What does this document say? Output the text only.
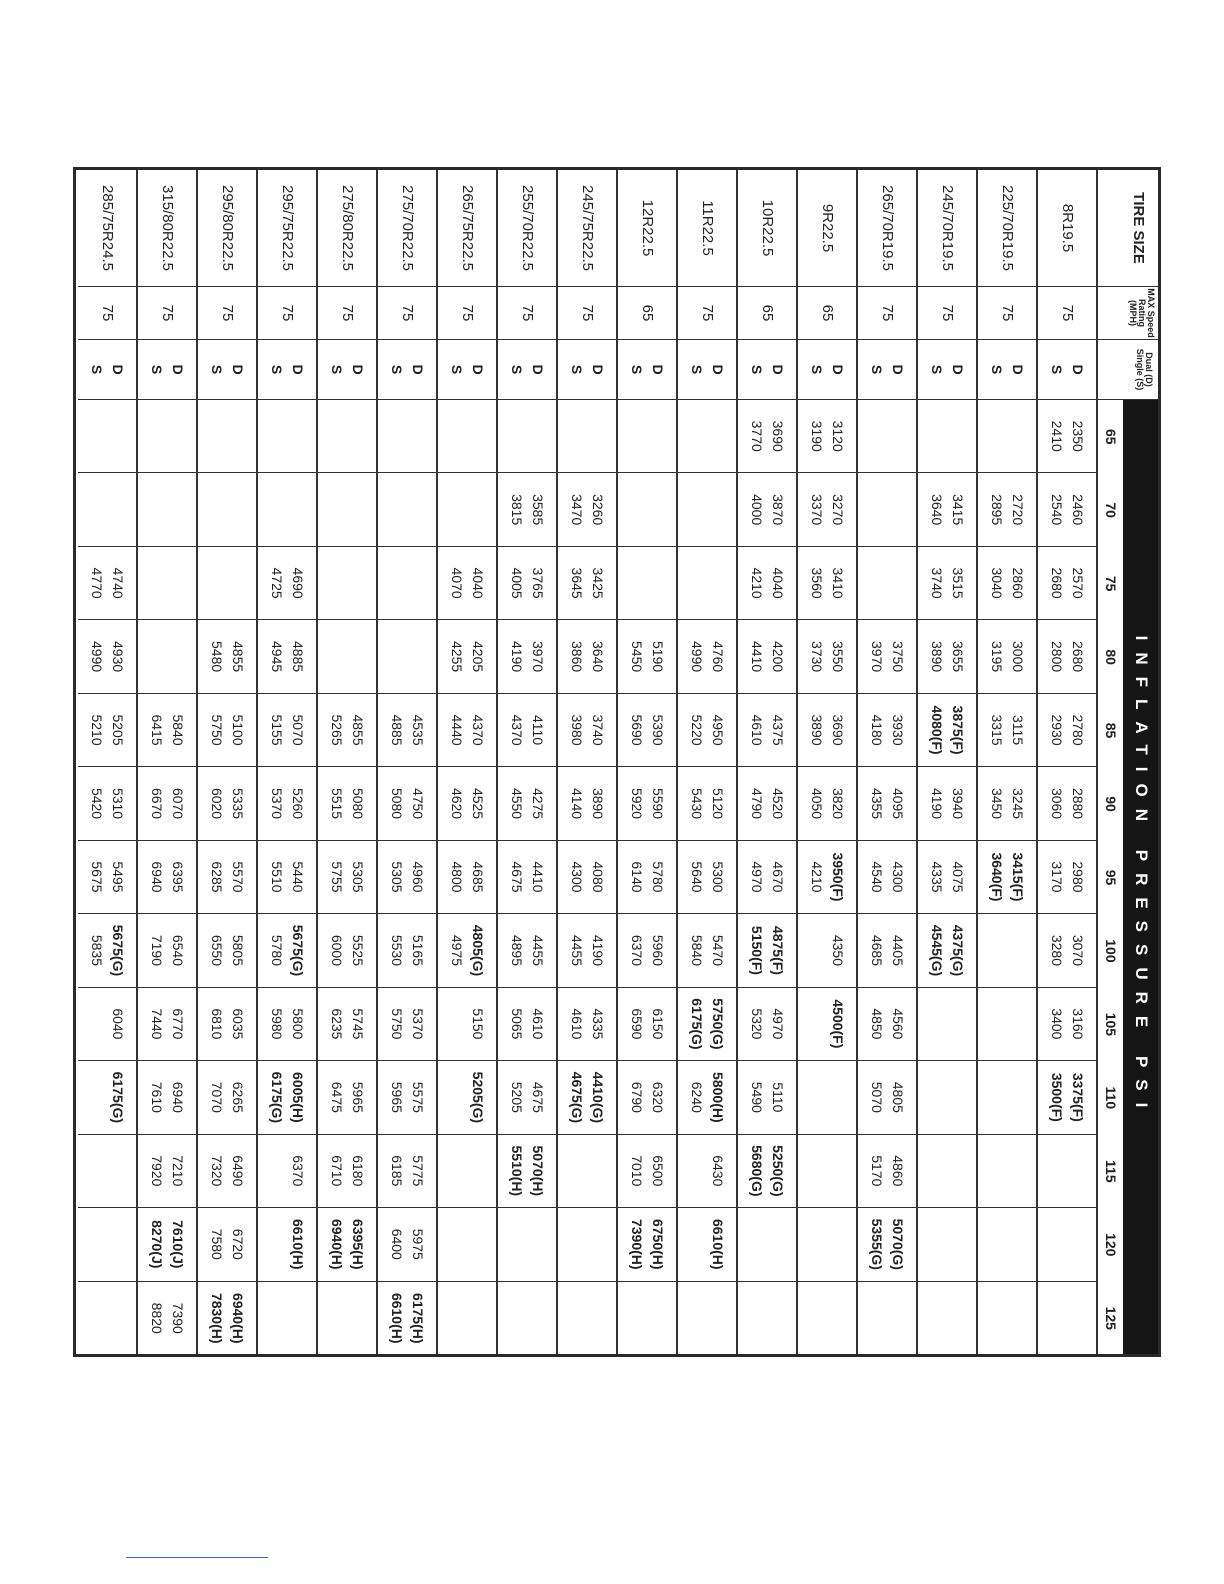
TIRE SIZE
MAX Speed Rating (MPH)
Dual (D) Single (S)
INFLATION PRESSURE PSI
65
70
75
80
85
90
95
100
105
110
115
120
125
8R19.5
75
D
S
2350
2410
2460
2540
2570
2680
2680
2800
2780
2930
2880
3060
2980
3170
3070
3280
3160
3400
3375(F)
3500(F)
225/70R19.5
75
D
S
2720
2895
2860
3040
3000
3195
3115
3315
3245
3450
3415(F)
3640(F)
245/70R19.5
75
D
S
3415
3640
3515
3740
3655
3890
3875(F)
4080(F)
3940
4190
4075
4335
4375(G)
4545(G)
265/70R19.5
75
D
S
3750
3970
3930
4180
4095
4355
4300
4540
4405
4685
4560
4850
4805
5070
4860
5170
5070(G)
5355(G)
9R22.5
65
D
S
3120
3190
3270
3370
3410
3560
3550
3730
3690
3890
3820
4050
3950(F)
4210
4350
4500(F)
10R22.5
65
D
S
3690
3770
3870
4000
4040
4210
4200
4410
4375
4610
4520
4790
4670
4970
4875(F)
5150(F)
4970
5320
5110
5490
5250(G)
5680(G)
11R22.5
75
D
S
4760
4990
4950
5220
5120
5430
5300
5640
5470
5840
5750(G)
6175(G)
5800(H)
6240
6430
6610(H)
12R22.5
65
D
S
5190
5450
5390
5690
5590
5920
5780
6140
5960
6370
6150
6590
6320
6790
6500
7010
6750(H)
7390(H)
245/75R22.5
75
D
S
3260
3470
3425
3645
3640
3860
3740
3980
3890
4140
4080
4300
4190
4455
4335
4610
4410(G)
4675(G)
255/70R22.5
75
D
S
3585
3815
3765
4005
3970
4190
4110
4370
4275
4550
4410
4675
4455
4895
4610
5065
4675
5205
5070(H)
5510(H)
265/75R22.5
75
D
S
4040
4070
4205
4255
4370
4440
4525
4620
4685
4800
4805(G)
4975
5150
5205(G)
275/70R22.5
75
D
S
4535
4885
4750
5080
4960
5305
5165
5530
5370
5750
5575
5965
5775
6185
5975
6400
6175(H)
6610(H)
275/80R22.5
75
D
S
4855
5265
5080
5515
5305
5755
5525
6000
5745
6235
5965
6475
6180
6710
6395(H)
6940(H)
295/75R22.5
75
D
S
4690
4725
4885
4945
5070
5155
5260
5370
5440
5510
5675(G)
5780
5800
5980
6005(H)
6175(G)
6370
6610(H)
295/80R22.5
75
D
S
4855
5480
5100
5750
5335
6020
5570
6285
5805
6550
6035
6810
6265
7070
6490
7320
6720
7580
6940(H)
7830(H)
315/80R22.5
75
D
S
5840
6415
6070
6670
6395
6940
6540
7190
6770
7440
6940
7610
7210
7920
7610(J)
8270(J)
7390
8820
285/75R24.5
75
D
S
4740
4770
4930
4990
5205
5210
5310
5420
5495
5675
5675(G)
5835
6040
6175(G)
